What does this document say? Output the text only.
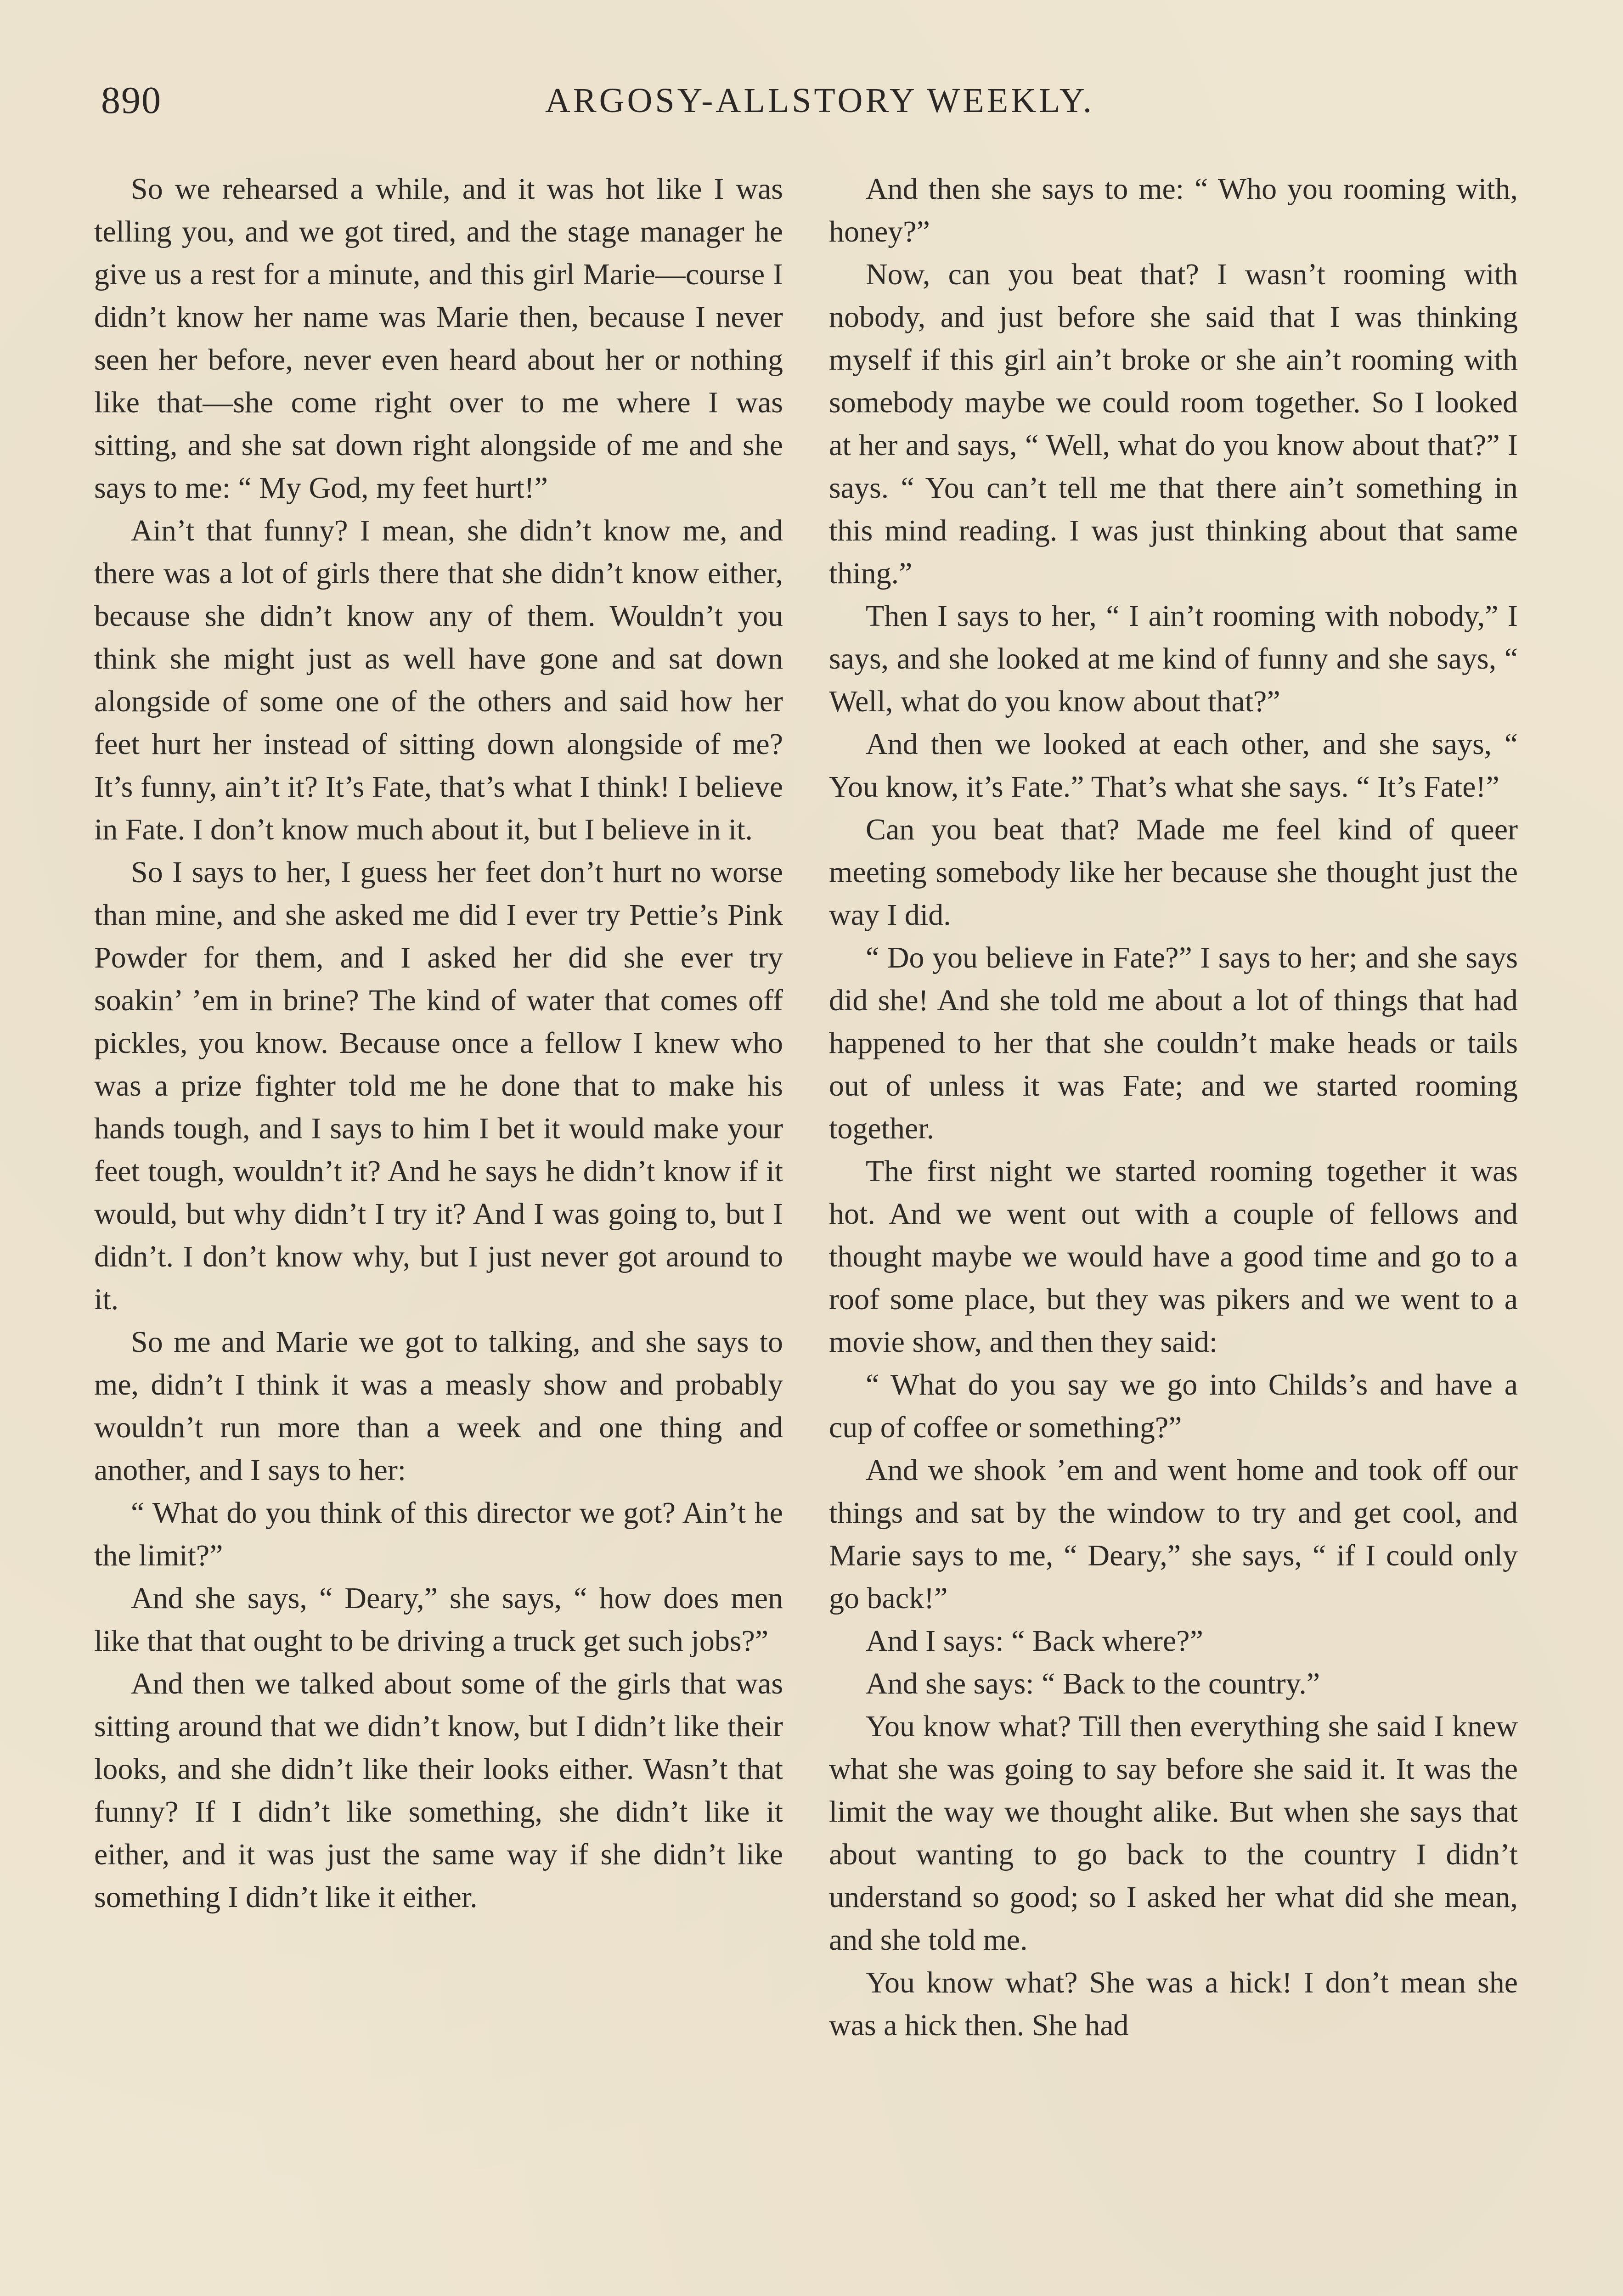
890	ARGOSY-ALLSTORY WEEKLY.

So we rehearsed a while, and it was hot like I was telling you, and we got tired, and the stage manager he give us a rest for a minute, and this girl Marie—course I didn’t know her name was Marie then, because I never seen her before, never even heard about her or nothing like that—she come right over to me where I was sitting, and she sat down right alongside of me and she says to me: “ My God, my feet hurt!”

Ain’t that funny? I mean, she didn’t know me, and there was a lot of girls there that she didn’t know either, because she didn’t know any of them. Wouldn’t you think she might just as well have gone and sat down alongside of some one of the others and said how her feet hurt her instead of sitting down alongside of me? It’s funny, ain’t it? It’s Fate, that’s what I think! I believe in Fate. I don’t know much about it, but I believe in it.

So I says to her, I guess her feet don’t hurt no worse than mine, and she asked me did I ever try Pettie’s Pink Powder for them, and I asked her did she ever try soakin’ ’em in brine? The kind of water that comes off pickles, you know. Because once a fellow I knew who was a prize fighter told me he done that to make his hands tough, and I says to him I bet it would make your feet tough, wouldn’t it? And he says he didn’t know if it would, but why didn’t I try it? And I was going to, but I didn’t. I don’t know why, but I just never got around to it.

So me and Marie we got to talking, and she says to me, didn’t I think it was a measly show and probably wouldn’t run more than a week and one thing and another, and I says to her:

“ What do you think of this director we got? Ain’t he the limit?”

And she says, “ Deary,” she says, “ how does men like that that ought to be driving a truck get such jobs?”

And then we talked about some of the girls that was sitting around that we didn’t know, but I didn’t like their looks, and she didn’t like their looks either. Wasn’t that funny? If I didn’t like something, she didn’t like it either, and it was just the same way if she didn’t like something I didn’t like it either.

And then she says to me: “ Who you rooming with, honey?”

Now, can you beat that? I wasn’t rooming with nobody, and just before she said that I was thinking myself if this girl ain’t broke or she ain’t rooming with somebody maybe we could room together. So I looked at her and says, “ Well, what do you know about that?” I says. “ You can’t tell me that there ain’t something in this mind reading. I was just thinking about that same thing.”

Then I says to her, “ I ain’t rooming with nobody,” I says, and she looked at me kind of funny and she says, “ Well, what do you know about that?”

And then we looked at each other, and she says, “ You know, it’s Fate.” That’s what she says. “ It’s Fate!”

Can you beat that? Made me feel kind of queer meeting somebody like her because she thought just the way I did.

“ Do you believe in Fate?” I says to her; and she says did she! And she told me about a lot of things that had happened to her that she couldn’t make heads or tails out of unless it was Fate; and we started rooming together.

The first night we started rooming together it was hot. And we went out with a couple of fellows and thought maybe we would have a good time and go to a roof some place, but they was pikers and we went to a movie show, and then they said:

“ What do you say we go into Childs’s and have a cup of coffee or something?”

And we shook ’em and went home and took off our things and sat by the window to try and get cool, and Marie says to me, “ Deary,” she says, “ if I could only go back!”

And I says: “ Back where?”

And she says: “ Back to the country.”

You know what? Till then everything she said I knew what she was going to say before she said it. It was the limit the way we thought alike. But when she says that about wanting to go back to the country I didn’t understand so good; so I asked her what did she mean, and she told me.

You know what? She was a hick! I don’t mean she was a hick then. She had
